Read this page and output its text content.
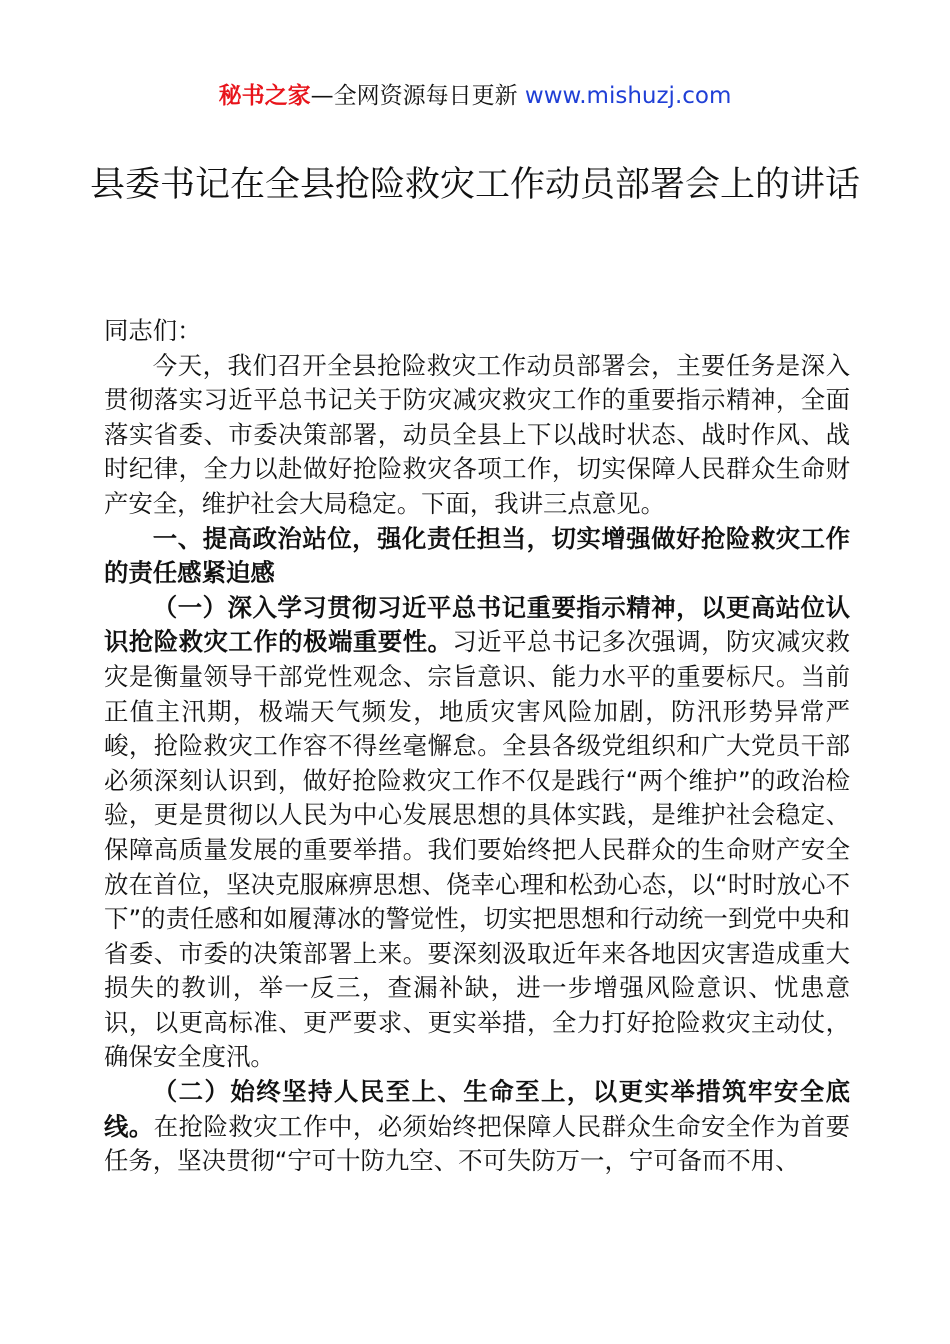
秘书之家—全网资源每日更新 www.mishuzj.com
县委书记在全县抢险救灾工作动员部署会上的讲话

同志们：

今天，我们召开全县抢险救灾工作动员部署会，主要任务是深入贯彻落实习近平总书记关于防灾减灾救灾工作的重要指示精神，全面落实省委、市委决策部署，动员全县上下以战时状态、战时作风、战时纪律，全力以赴做好抢险救灾各项工作，切实保障人民群众生命财产安全，维护社会大局稳定。下面，我讲三点意见。

一、提高政治站位，强化责任担当，切实增强做好抢险救灾工作的责任感紧迫感

（一）深入学习贯彻习近平总书记重要指示精神，以更高站位认识抢险救灾工作的极端重要性。习近平总书记多次强调，防灾减灾救灾是衡量领导干部党性观念、宗旨意识、能力水平的重要标尺。当前正值主汛期，极端天气频发，地质灾害风险加剧，防汛形势异常严峻，抢险救灾工作容不得丝毫懈怠。全县各级党组织和广大党员干部必须深刻认识到，做好抢险救灾工作不仅是践行“两个维护”的政治检验，更是贯彻以人民为中心发展思想的具体实践，是维护社会稳定、保障高质量发展的重要举措。我们要始终把人民群众的生命财产安全放在首位，坚决克服麻痹思想、侥幸心理和松劲心态，以“时时放心不下”的责任感和如履薄冰的警觉性，切实把思想和行动统一到党中央和省委、市委的决策部署上来。要深刻汲取近年来各地因灾害造成重大损失的教训，举一反三，查漏补缺，进一步增强风险意识、忧患意识，以更高标准、更严要求、更实举措，全力打好抢险救灾主动仗，确保安全度汛。

（二）始终坚持人民至上、生命至上，以更实举措筑牢安全底线。在抢险救灾工作中，必须始终把保障人民群众生命安全作为首要任务，坚决贯彻“宁可十防九空、不可失防万一，宁可备而不用、
